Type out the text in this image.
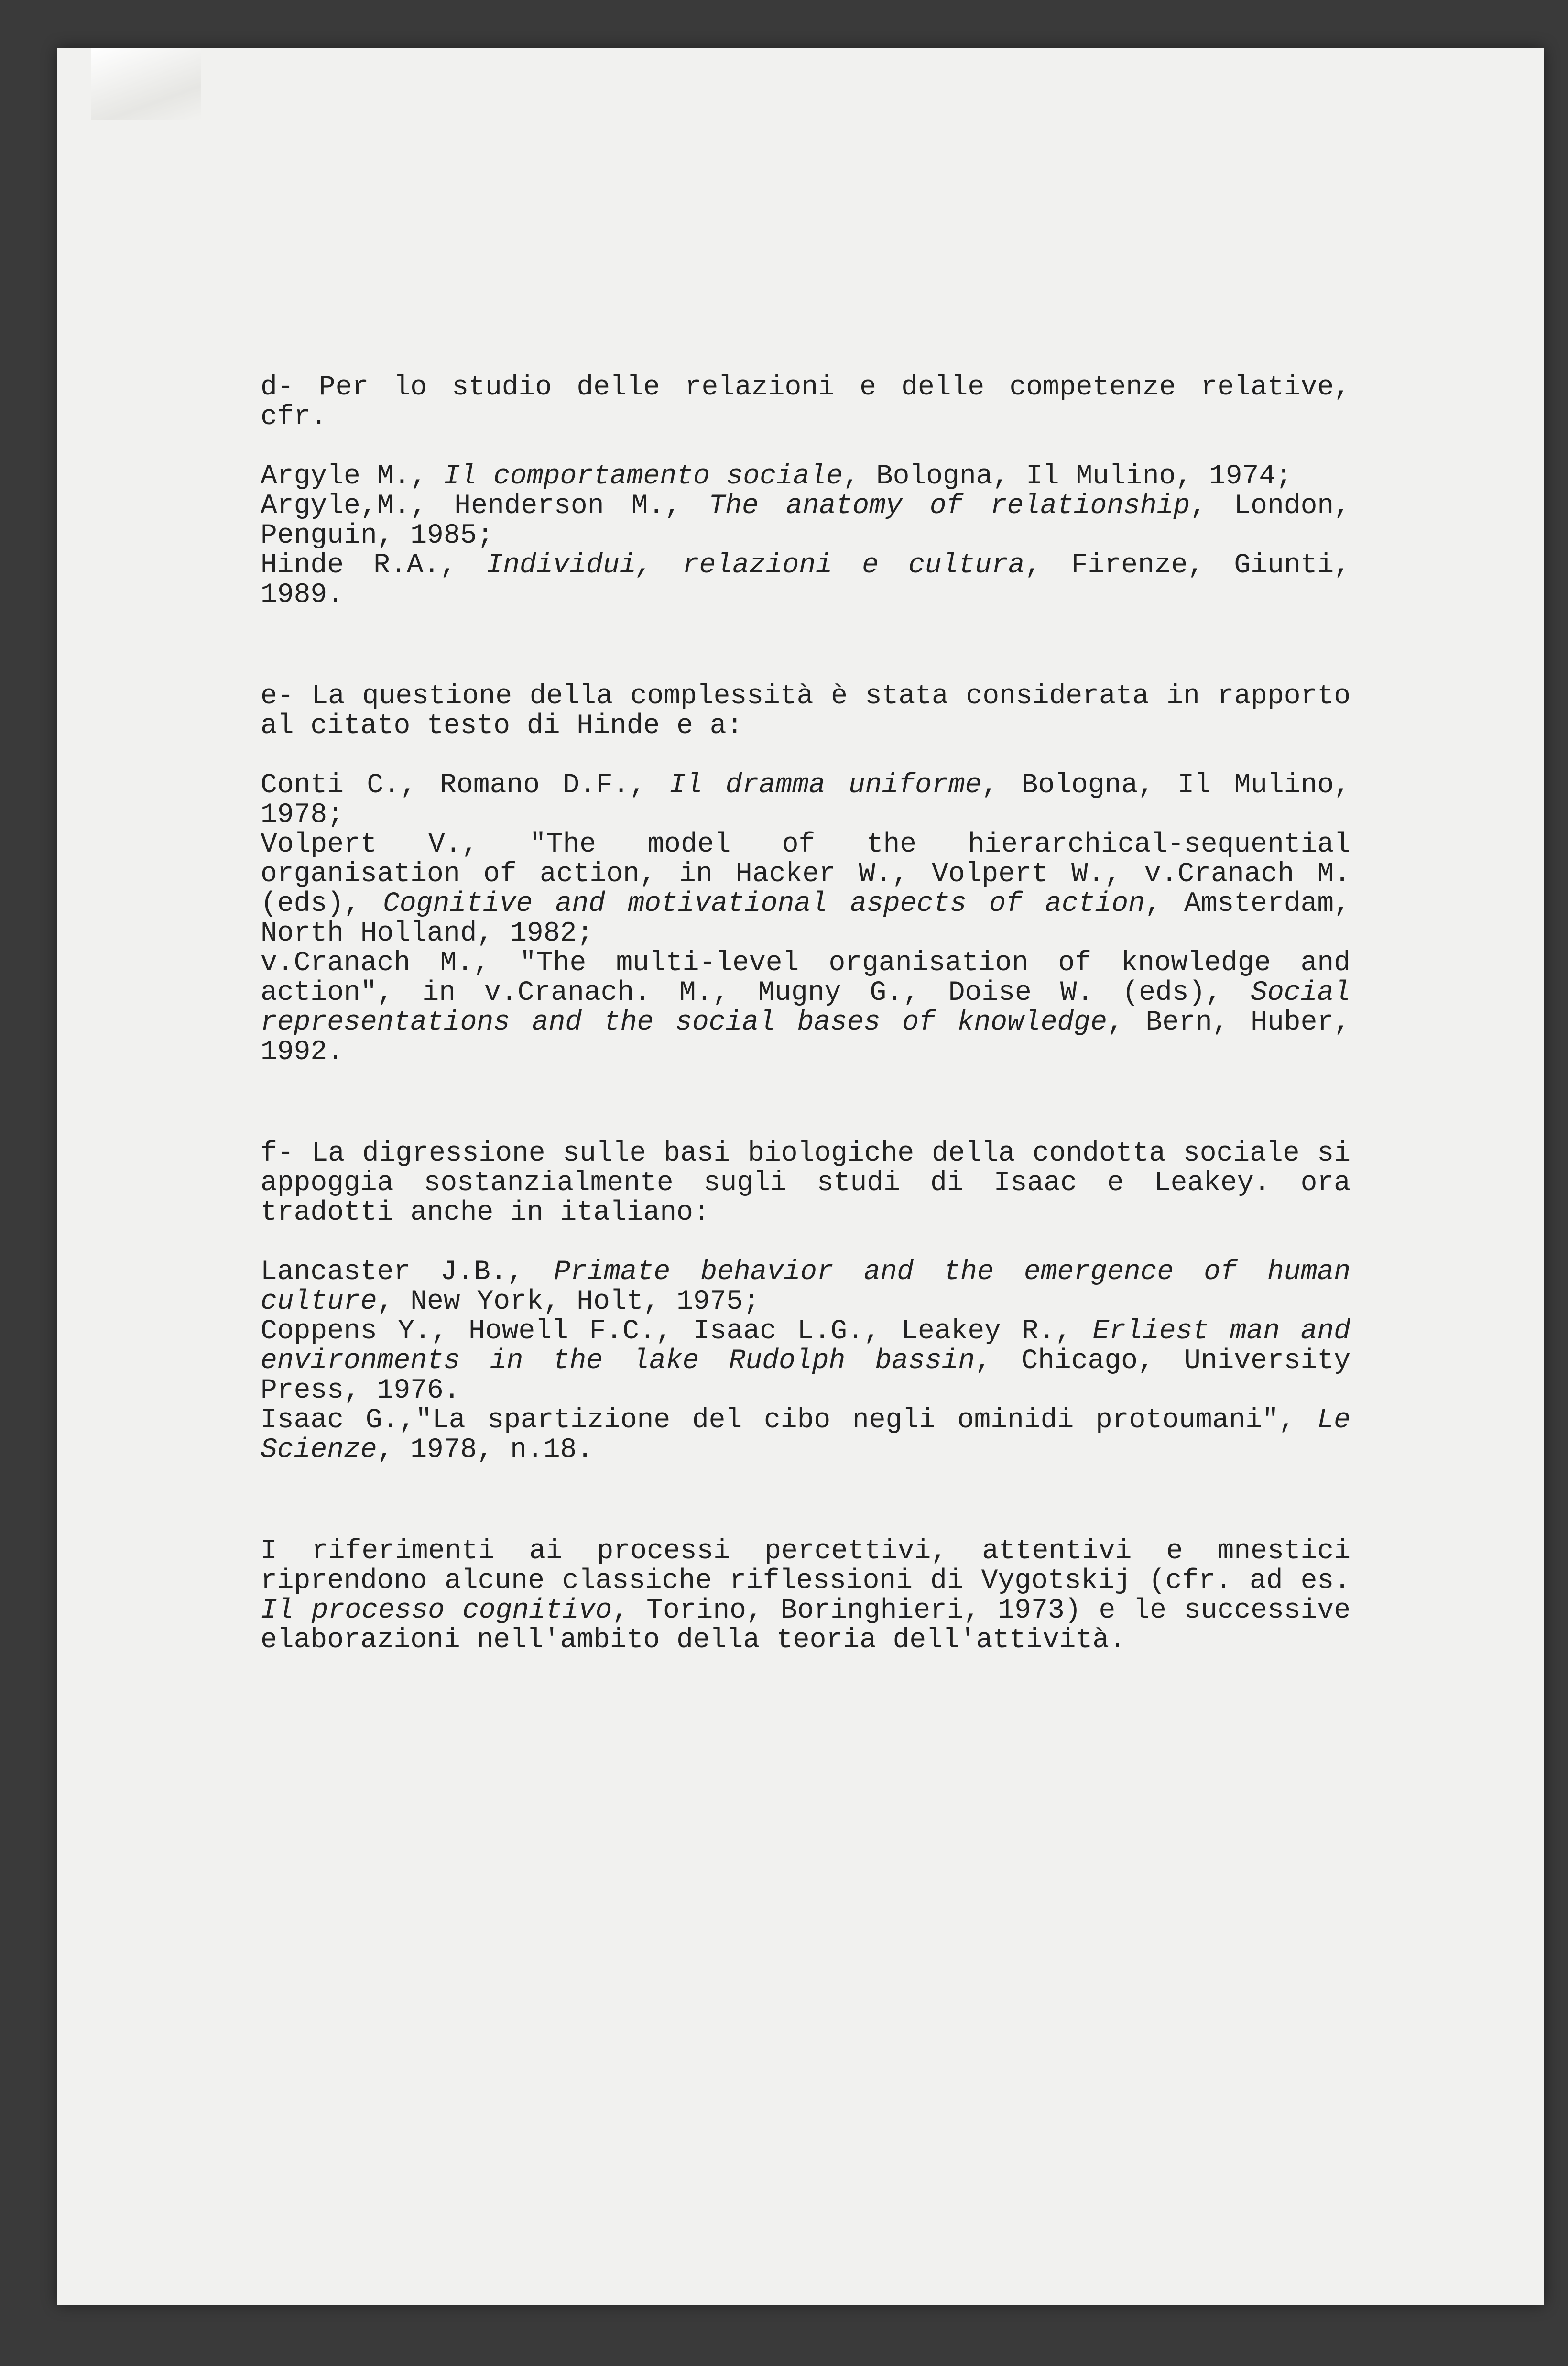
d- Per lo studio delle relazioni e delle competenze relative, cfr.

Argyle M., Il comportamento sociale, Bologna, Il Mulino, 1974;
Argyle,M., Henderson M., The anatomy of relationship, London, Penguin, 1985;
Hinde R.A., Individui, relazioni e cultura, Firenze, Giunti, 1989.

e- La questione della complessità è stata considerata in rapporto al citato testo di Hinde e a:

Conti C., Romano D.F., Il dramma uniforme, Bologna, Il Mulino, 1978;
Volpert V., "The model of the hierarchical-sequential organisation of action, in Hacker W., Volpert W., v.Cranach M. (eds), Cognitive and motivational aspects of action, Amsterdam, North Holland, 1982;
v.Cranach M., "The multi-level organisation of knowledge and action", in v.Cranach. M., Mugny G., Doise W. (eds), Social representations and the social bases of knowledge, Bern, Huber, 1992.

f- La digressione sulle basi biologiche della condotta sociale si appoggia sostanzialmente sugli studi di Isaac e Leakey. ora tradotti anche in italiano:

Lancaster J.B., Primate behavior and the emergence of human culture, New York, Holt, 1975;
Coppens Y., Howell F.C., Isaac L.G., Leakey R., Erliest man and environments in the lake Rudolph bassin, Chicago, University Press, 1976.
Isaac G.,"La spartizione del cibo negli ominidi protoumani", Le Scienze, 1978, n.18.

I riferimenti ai processi percettivi, attentivi e mnestici riprendono alcune classiche riflessioni di Vygotskij (cfr. ad es. Il processo cognitivo, Torino, Boringhieri, 1973) e le successive elaborazioni nell'ambito della teoria dell'attività.
